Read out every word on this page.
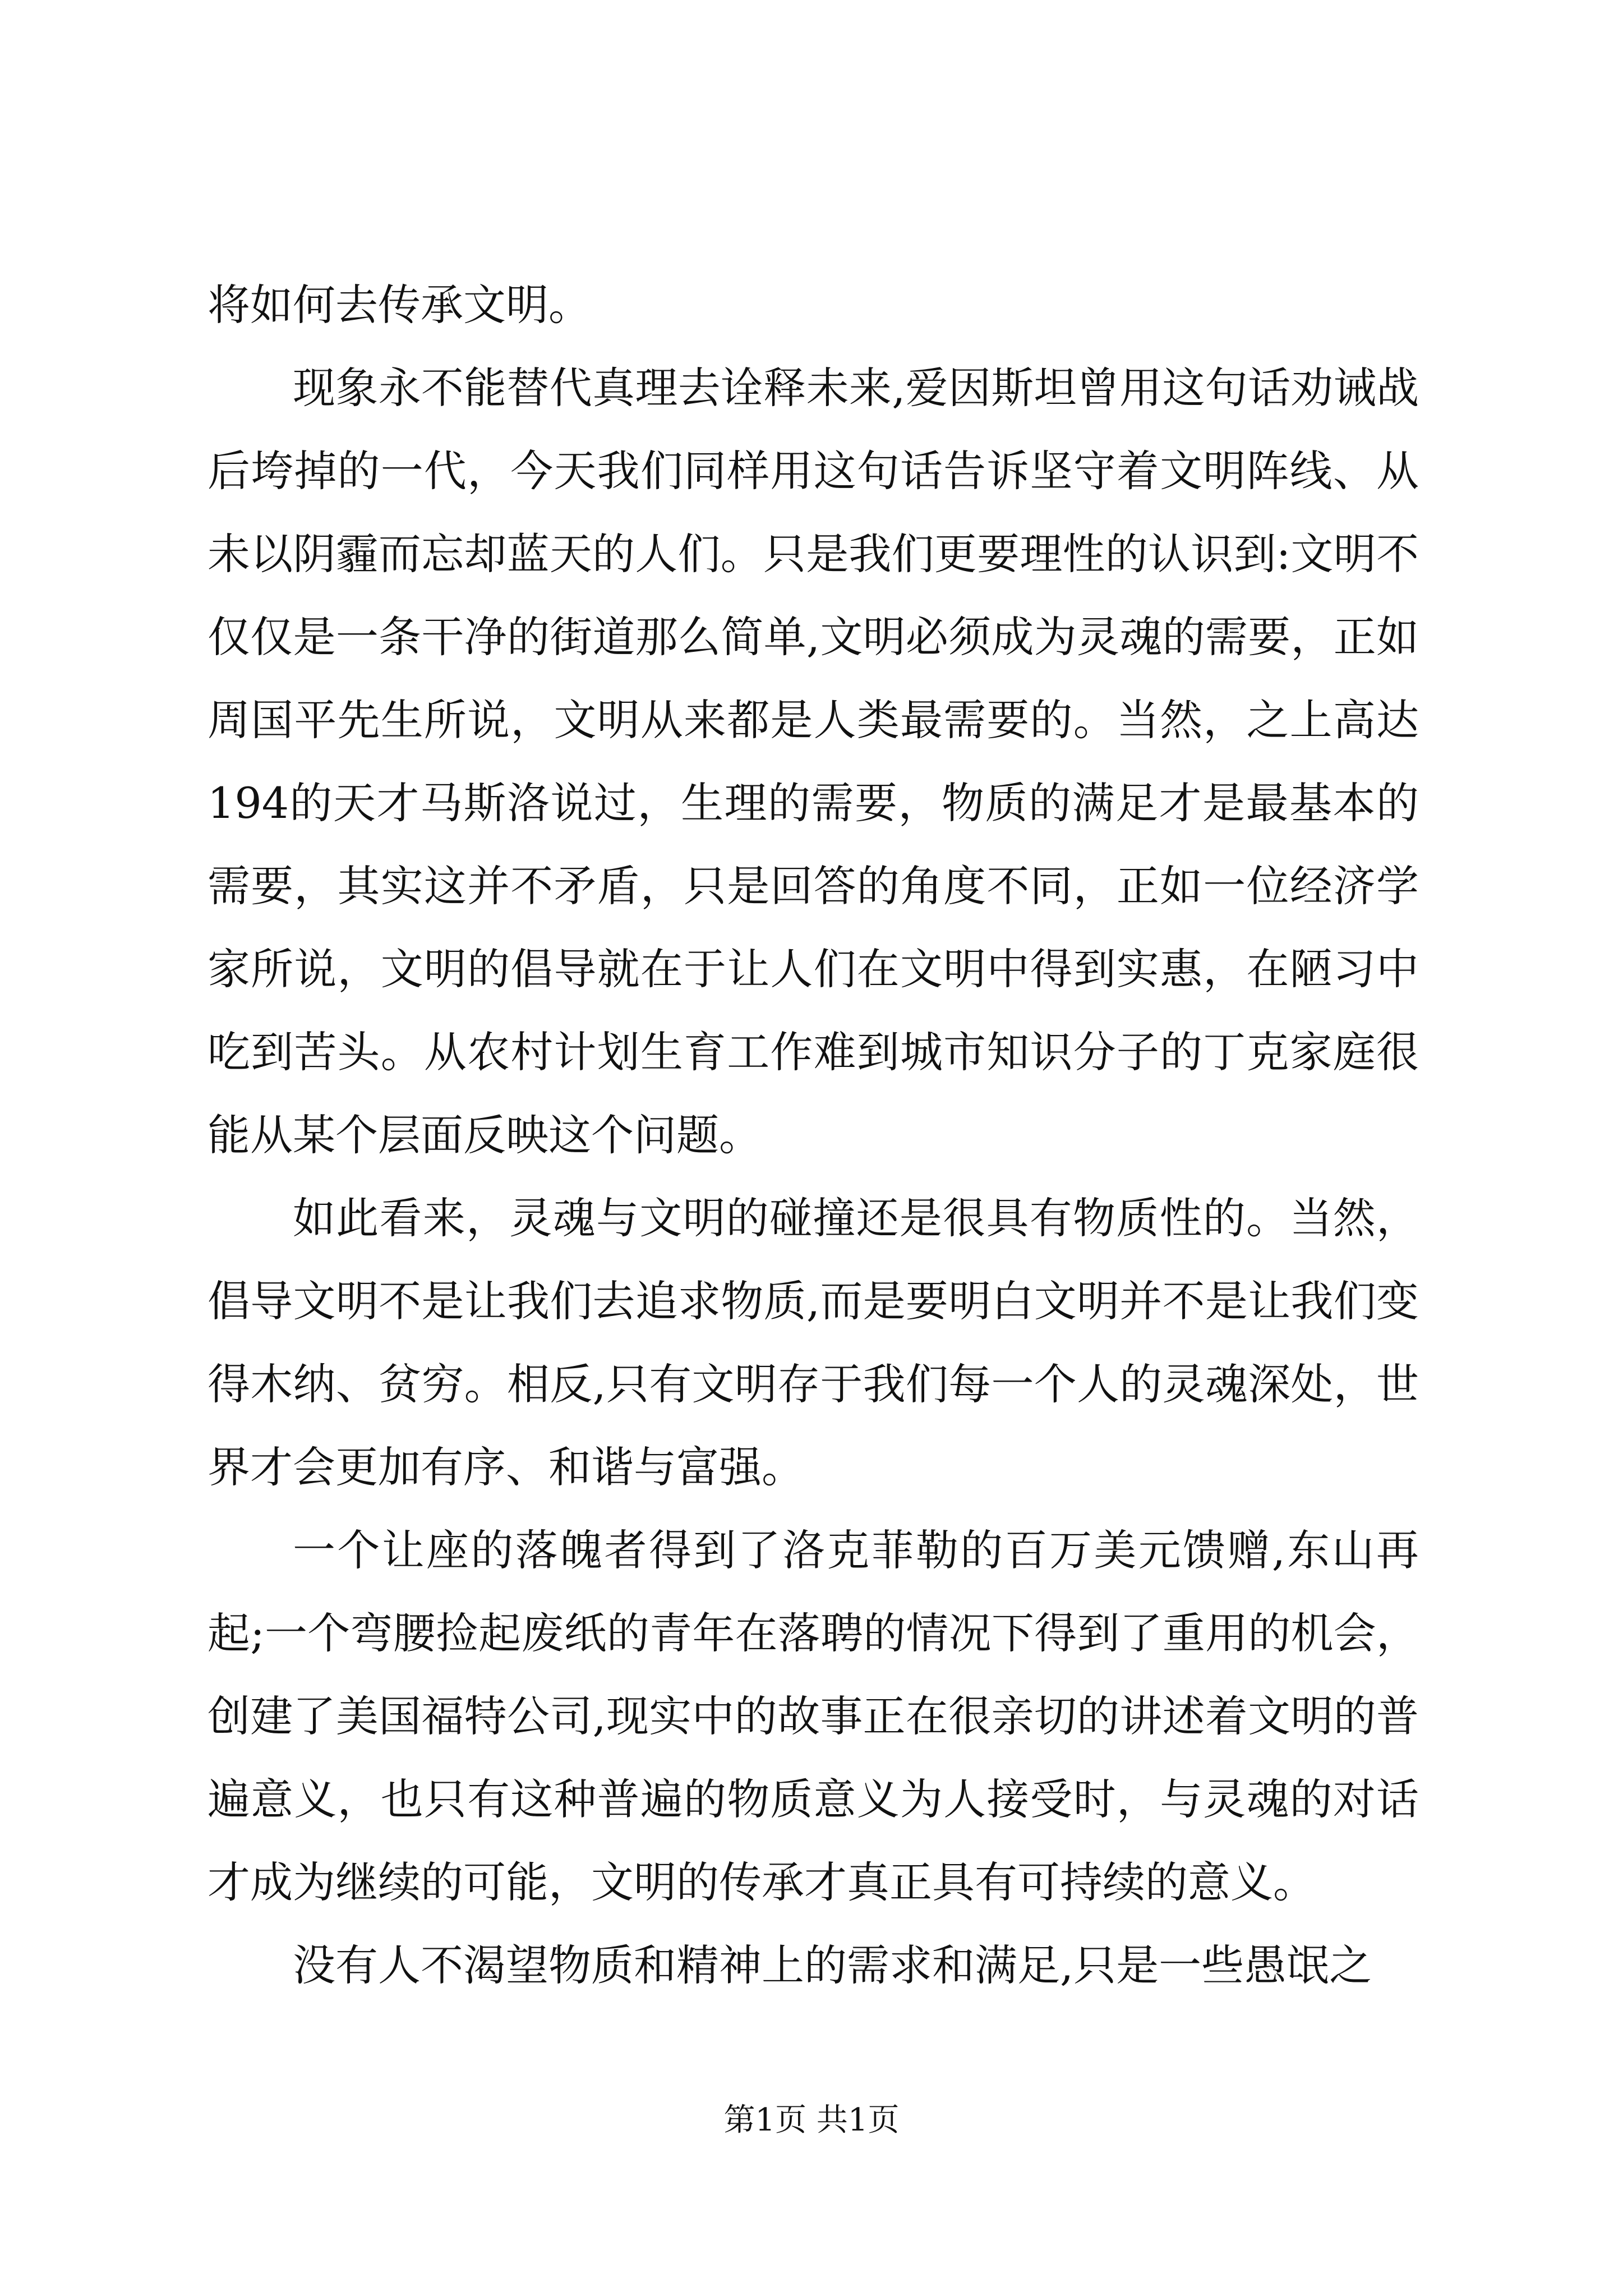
将如何去传承文明。

现象永不能替代真理去诠释未来,爱因斯坦曾用这句话劝诫战后垮掉的一代，今天我们同样用这句话告诉坚守着文明阵线、从未以阴霾而忘却蓝天的人们。只是我们更要理性的认识到:文明不仅仅是一条干净的街道那么简单,文明必须成为灵魂的需要，正如周国平先生所说，文明从来都是人类最需要的。当然，之上高达194的天才马斯洛说过，生理的需要，物质的满足才是最基本的需要，其实这并不矛盾，只是回答的角度不同，正如一位经济学家所说，文明的倡导就在于让人们在文明中得到实惠，在陋习中吃到苦头。从农村计划生育工作难到城市知识分子的丁克家庭很能从某个层面反映这个问题。

如此看来，灵魂与文明的碰撞还是很具有物质性的。当然，倡导文明不是让我们去追求物质,而是要明白文明并不是让我们变得木纳、贫穷。相反,只有文明存于我们每一个人的灵魂深处，世界才会更加有序、和谐与富强。

一个让座的落魄者得到了洛克菲勒的百万美元馈赠,东山再起;一个弯腰捡起废纸的青年在落聘的情况下得到了重用的机会，创建了美国福特公司,现实中的故事正在很亲切的讲述着文明的普遍意义，也只有这种普遍的物质意义为人接受时，与灵魂的对话才成为继续的可能，文明的传承才真正具有可持续的意义。

没有人不渴望物质和精神上的需求和满足,只是一些愚氓之

第1页 共1页
